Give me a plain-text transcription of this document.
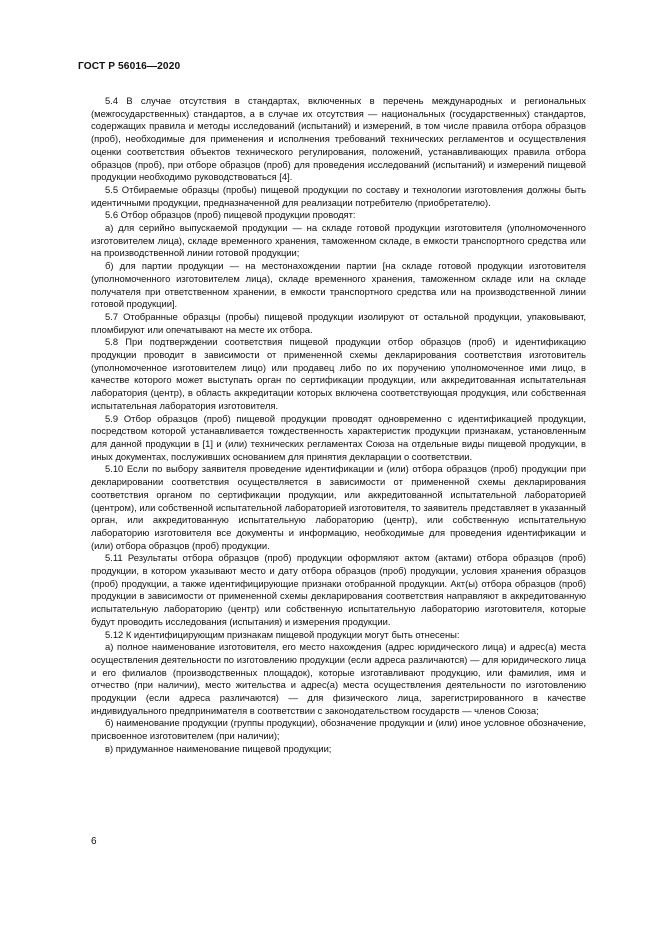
ГОСТ Р 56016—2020

5.4 В случае отсутствия в стандартах, включенных в перечень международных и региональных (межгосударственных) стандартов, а в случае их отсутствия — национальных (государственных) стандартов, содержащих правила и методы исследований (испытаний) и измерений, в том числе правила отбора образцов (проб), необходимые для применения и исполнения требований технических регламентов и осуществления оценки соответствия объектов технического регулирования, положений, устанавливающих правила отбора образцов (проб), при отборе образцов (проб) для проведения исследований (испытаний) и измерений пищевой продукции необходимо руководствоваться [4].

5.5 Отбираемые образцы (пробы) пищевой продукции по составу и технологии изготовления должны быть идентичными продукции, предназначенной для реализации потребителю (приобретателю).

5.6 Отбор образцов (проб) пищевой продукции проводят:

а) для серийно выпускаемой продукции — на складе готовой продукции изготовителя (уполномоченного изготовителем лица), складе временного хранения, таможенном складе, в емкости транспортного средства или на производственной линии готовой продукции;

б) для партии продукции — на местонахождении партии [на складе готовой продукции изготовителя (уполномоченного изготовителем лица), складе временного хранения, таможенном складе или на складе получателя при ответственном хранении, в емкости транспортного средства или на производственной линии готовой продукции].

5.7 Отобранные образцы (пробы) пищевой продукции изолируют от остальной продукции, упаковывают, пломбируют или опечатывают на месте их отбора.

5.8 При подтверждении соответствия пищевой продукции отбор образцов (проб) и идентификацию продукции проводит в зависимости от примененной схемы декларирования соответствия изготовитель (уполномоченное изготовителем лицо) или продавец либо по их поручению уполномоченное ими лицо, в качестве которого может выступать орган по сертификации продукции, или аккредитованная испытательная лаборатория (центр), в область аккредитации которых включена соответствующая продукция, или собственная испытательная лаборатория изготовителя.

5.9 Отбор образцов (проб) пищевой продукции проводят одновременно с идентификацией продукции, посредством которой устанавливается тождественность характеристик продукции признакам, установленным для данной продукции в [1] и (или) технических регламентах Союза на отдельные виды пищевой продукции, в иных документах, послуживших основанием для принятия декларации о соответствии.

5.10 Если по выбору заявителя проведение идентификации и (или) отбора образцов (проб) продукции при декларировании соответствия осуществляется в зависимости от примененной схемы декларирования соответствия органом по сертификации продукции, или аккредитованной испытательной лабораторией (центром), или собственной испытательной лабораторией изготовителя, то заявитель представляет в указанный орган, или аккредитованную испытательную лабораторию (центр), или собственную испытательную лабораторию изготовителя все документы и информацию, необходимые для проведения идентификации и (или) отбора образцов (проб) продукции.

5.11 Результаты отбора образцов (проб) продукции оформляют актом (актами) отбора образцов (проб) продукции, в котором указывают место и дату отбора образцов (проб) продукции, условия хранения образцов (проб) продукции, а также идентифицирующие признаки отобранной продукции. Акт(ы) отбора образцов (проб) продукции в зависимости от примененной схемы декларирования соответствия направляют в аккредитованную испытательную лабораторию (центр) или собственную испытательную лабораторию изготовителя, которые будут проводить исследования (испытания) и измерения продукции.

5.12 К идентифицирующим признакам пищевой продукции могут быть отнесены:

а) полное наименование изготовителя, его место нахождения (адрес юридического лица) и адрес(а) места осуществления деятельности по изготовлению продукции (если адреса различаются) — для юридического лица и его филиалов (производственных площадок), которые изготавливают продукцию, или фамилия, имя и отчество (при наличии), место жительства и адрес(а) места осуществления деятельности по изготовлению продукции (если адреса различаются) — для физического лица, зарегистрированного в качестве индивидуального предпринимателя в соответствии с законодательством государств — членов Союза;

б) наименование продукции (группы продукции), обозначение продукции и (или) иное условное обозначение, присвоенное изготовителем (при наличии);

в) придуманное наименование пищевой продукции;

6
